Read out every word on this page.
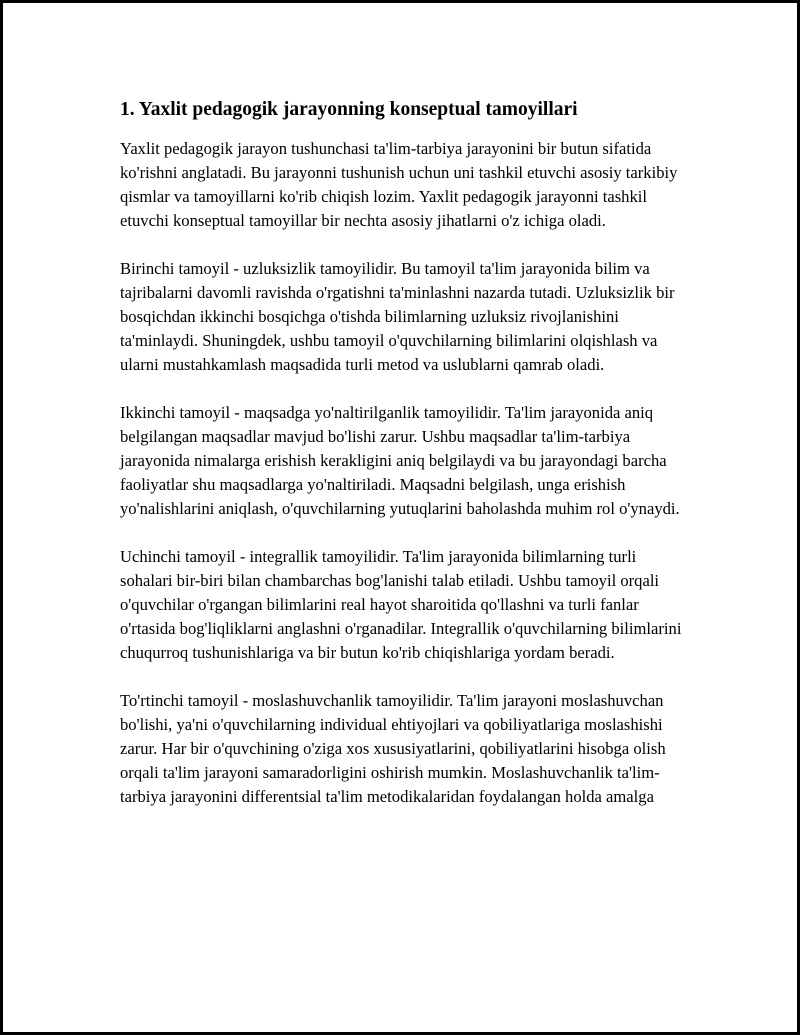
1. Yaxlit pedagogik jarayonning konseptual tamoyillari

Yaxlit pedagogik jarayon tushunchasi ta'lim-tarbiya jarayonini bir butun sifatida ko'rishni anglatadi. Bu jarayonni tushunish uchun uni tashkil etuvchi asosiy tarkibiy qismlar va tamoyillarni ko'rib chiqish lozim. Yaxlit pedagogik jarayonni tashkil etuvchi konseptual tamoyillar bir nechta asosiy jihatlarni o'z ichiga oladi.

Birinchi tamoyil - uzluksizlik tamoyilidir. Bu tamoyil ta'lim jarayonida bilim va tajribalarni davomli ravishda o'rgatishni ta'minlashni nazarda tutadi. Uzluksizlik bir bosqichdan ikkinchi bosqichga o'tishda bilimlarning uzluksiz rivojlanishini ta'minlaydi. Shuningdek, ushbu tamoyil o'quvchilarning bilimlarini olqishlash va ularni mustahkamlash maqsadida turli metod va uslublarni qamrab oladi.

Ikkinchi tamoyil - maqsadga yo'naltirilganlik tamoyilidir. Ta'lim jarayonida aniq belgilangan maqsadlar mavjud bo'lishi zarur. Ushbu maqsadlar ta'lim-tarbiya jarayonida nimalarga erishish kerakligini aniq belgilaydi va bu jarayondagi barcha faoliyatlar shu maqsadlarga yo'naltiriladi. Maqsadni belgilash, unga erishish yo'nalishlarini aniqlash, o'quvchilarning yutuqlarini baholashda muhim rol o'ynaydi.

Uchinchi tamoyil - integrallik tamoyilidir. Ta'lim jarayonida bilimlarning turli sohalari bir-biri bilan chambarchas bog'lanishi talab etiladi. Ushbu tamoyil orqali o'quvchilar o'rgangan bilimlarini real hayot sharoitida qo'llashni va turli fanlar o'rtasida bog'liqliklarni anglashni o'rganadilar. Integrallik o'quvchilarning bilimlarini chuqurroq tushunishlariga va bir butun ko'rib chiqishlariga yordam beradi.

To'rtinchi tamoyil - moslashuvchanlik tamoyilidir. Ta'lim jarayoni moslashuvchan bo'lishi, ya'ni o'quvchilarning individual ehtiyojlari va qobiliyatlariga moslashishi zarur. Har bir o'quvchining o'ziga xos xususiyatlarini, qobiliyatlarini hisobga olish orqali ta'lim jarayoni samaradorligini oshirish mumkin. Moslashuvchanlik ta'lim-tarbiya jarayonini differentsial ta'lim metodikalaridan foydalangan holda amalga
